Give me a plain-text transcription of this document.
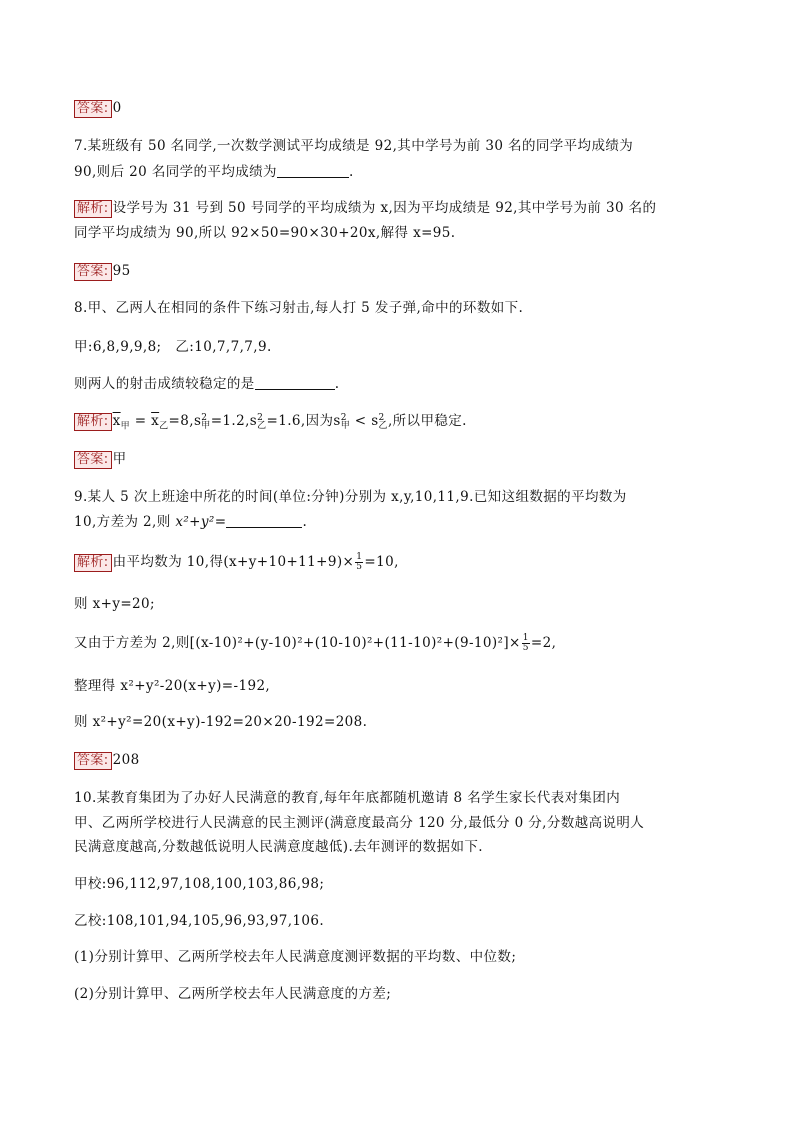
答案: 0
7.某班级有 50 名同学,一次数学测试平均成绩是 92,其中学号为前 30 名的同学平均成绩为
90,则后 20 名同学的平均成绩为	.
解析: 设学号为 31 号到 50 号同学的平均成绩为 x,因为平均成绩是 92,其中学号为前 30 名的
同学平均成绩为 90,所以 92×50=90×30+20x,解得 x=95.
答案: 95
8.甲、乙两人在相同的条件下练习射击,每人打 5 发子弹,命中的环数如下.
甲:6,8,9,9,8;　乙:10,7,7,7,9.
则两人的射击成绩较稳定的是	.
解析: $\overline{x}_甲 = \overline{x}_乙=8,s$ 2
甲 =1.2,s 2
乙 =1.6,因为s 2
甲 < s 2
乙 ,所以甲稳定.
答案: 甲
9.某人 5 次上班途中所花的时间(单位:分钟)分别为 x,y,10,11,9.已知这组数据的平均数为
10,方差为 2,则 x²+y²=	.
解析: 由平均数为 10,得$(x+y+10+11+9)\times \frac{1}{5} =10$,
则 x+y=20;
又由于方差为 2,则$[(x-10)^2+(y-10)^2+(10-10)^2+(11-10)^2+(9-10)^2]\times \frac{1}{5} =2$,
整理得 x²+y²-20(x+y)=-192,
则 x²+y²=20(x+y)-192=20×20-192=208.
答案: 208
10.某教育集团为了办好人民满意的教育,每年年底都随机邀请 8 名学生家长代表对集团内
甲、乙两所学校进行人民满意的民主测评(满意度最高分 120 分,最低分 0 分,分数越高说明人
民满意度越高,分数越低说明人民满意度越低).去年测评的数据如下.
甲校:96,112,97,108,100,103,86,98;
乙校:108,101,94,105,96,93,97,106.
(1)分别计算甲、乙两所学校去年人民满意度测评数据的平均数、中位数;
(2)分别计算甲、乙两所学校去年人民满意度的方差;
